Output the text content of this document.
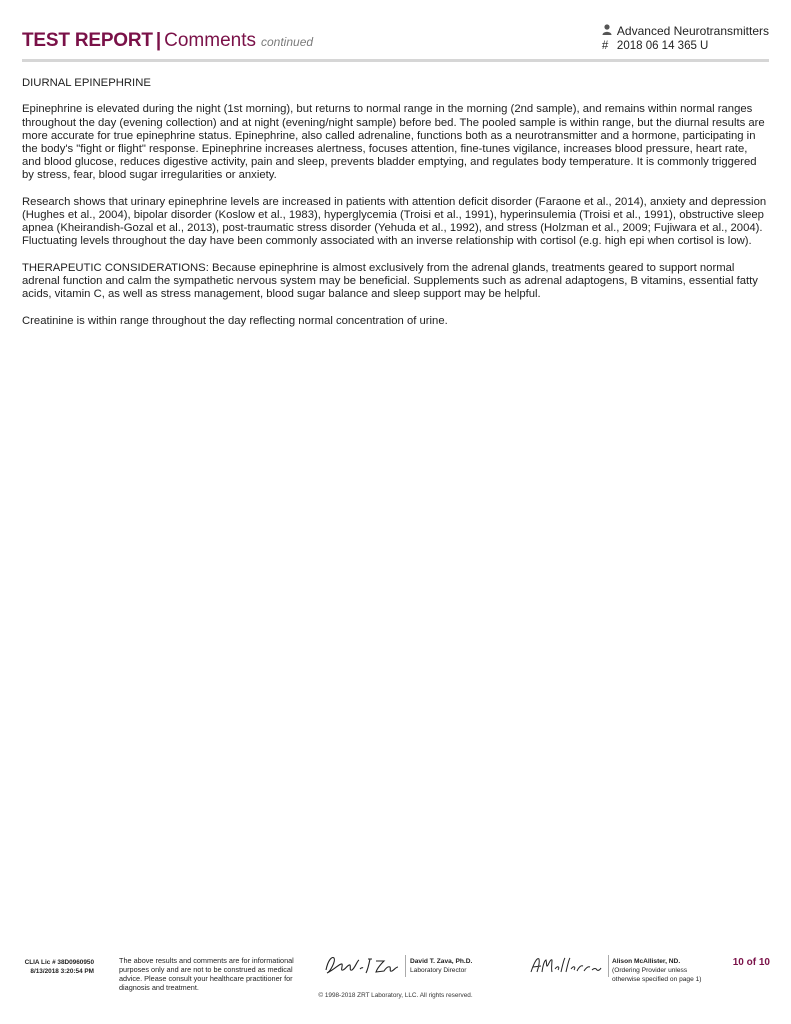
TEST REPORT | Comments continued
Advanced Neurotransmitters
# 2018 06 14 365 U

DIURNAL EPINEPHRINE

Epinephrine is elevated during the night (1st morning), but returns to normal range in the morning (2nd sample), and remains within normal ranges throughout the day (evening collection) and at night (evening/night sample) before bed. The pooled sample is within range, but the diurnal results are more accurate for true epinephrine status. Epinephrine, also called adrenaline, functions both as a neurotransmitter and a hormone, participating in the body's "fight or flight" response. Epinephrine increases alertness, focuses attention, fine-tunes vigilance, increases blood pressure, heart rate, and blood glucose, reduces digestive activity, pain and sleep, prevents bladder emptying, and regulates body temperature. It is commonly triggered by stress, fear, blood sugar irregularities or anxiety.

Research shows that urinary epinephrine levels are increased in patients with attention deficit disorder (Faraone et al., 2014), anxiety and depression (Hughes et al., 2004), bipolar disorder (Koslow et al., 1983), hyperglycemia (Troisi et al., 1991), hyperinsulemia (Troisi et al., 1991), obstructive sleep apnea (Kheirandish-Gozal et al., 2013), post-traumatic stress disorder (Yehuda et al., 1992), and stress (Holzman et al., 2009; Fujiwara et al., 2004). Fluctuating levels throughout the day have been commonly associated with an inverse relationship with cortisol (e.g. high epi when cortisol is low).

THERAPEUTIC CONSIDERATIONS: Because epinephrine is almost exclusively from the adrenal glands, treatments geared to support normal adrenal function and calm the sympathetic nervous system may be beneficial. Supplements such as adrenal adaptogens, B vitamins, essential fatty acids, vitamin C, as well as stress management, blood sugar balance and sleep support may be helpful.

Creatinine is within range throughout the day reflecting normal concentration of urine.

CLIA Lic # 38D0960950
8/13/2018 3:20:54 PM
The above results and comments are for informational purposes only and are not to be construed as medical advice. Please consult your healthcare practitioner for diagnosis and treatment.
David T. Zava, Ph.D.
Laboratory Director
Alison McAllister, ND.
(Ordering Provider unless
otherwise specified on page 1)
10 of 10
© 1998-2018 ZRT Laboratory, LLC. All rights reserved.
